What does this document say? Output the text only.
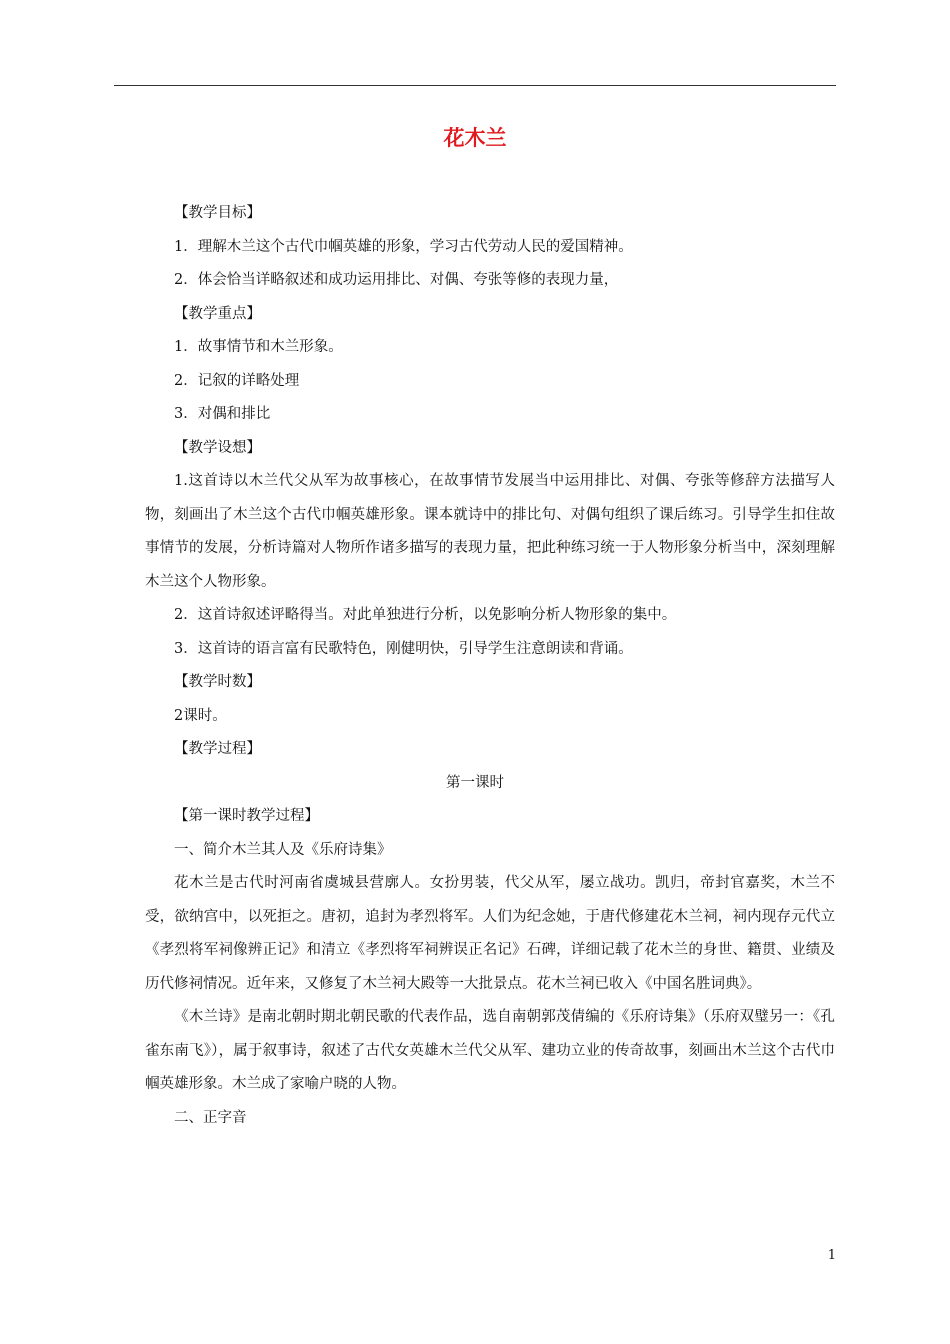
花木兰
【教学目标】
1．理解木兰这个古代巾帼英雄的形象，学习古代劳动人民的爱国精神。
2．体会恰当详略叙述和成功运用排比、对偶、夸张等修的表现力量，
【教学重点】
1．故事情节和木兰形象。
2．记叙的详略处理
3．对偶和排比
【教学设想】
1.这首诗以木兰代父从军为故事核心，在故事情节发展当中运用排比、对偶、夸张等修辞方法描写人物，刻画出了木兰这个古代巾帼英雄形象。课本就诗中的排比句、对偶句组织了课后练习。引导学生扣住故事情节的发展，分析诗篇对人物所作诸多描写的表现力量，把此种练习统一于人物形象分析当中，深刻理解木兰这个人物形象。
2．这首诗叙述评略得当。对此单独进行分析，以免影响分析人物形象的集中。
3．这首诗的语言富有民歌特色，刚健明快，引导学生注意朗读和背诵。
【教学时数】
2课时。
【教学过程】
第一课时
【第一课时教学过程】
一、简介木兰其人及《乐府诗集》
花木兰是古代时河南省虞城县营廓人。女扮男装，代父从军，屡立战功。凯归，帝封官嘉奖，木兰不受，欲纳宫中，以死拒之。唐初，追封为孝烈将军。人们为纪念她，于唐代修建花木兰祠，祠内现存元代立《孝烈将军祠像辨正记》和清立《孝烈将军祠辨误正名记》石碑，详细记载了花木兰的身世、籍贯、业绩及历代修祠情况。近年来，又修复了木兰祠大殿等一大批景点。花木兰祠已收入《中国名胜词典》。
《木兰诗》是南北朝时期北朝民歌的代表作品，选自南朝郭茂倩编的《乐府诗集》（乐府双璧另一：《孔雀东南飞》），属于叙事诗，叙述了古代女英雄木兰代父从军、建功立业的传奇故事，刻画出木兰这个古代巾帼英雄形象。木兰成了家喻户晓的人物。
二、正字音
1
